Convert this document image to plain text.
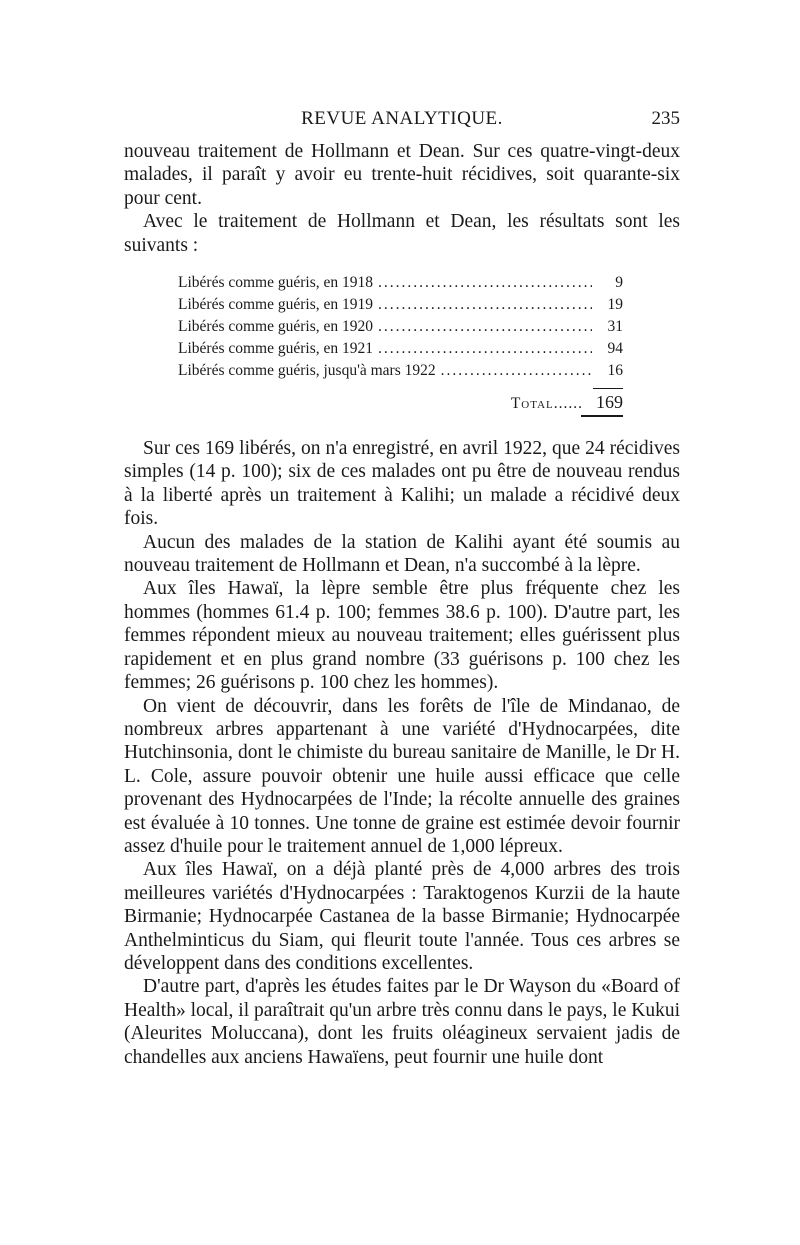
REVUE ANALYTIQUE.	235

nouveau traitement de Hollmann et Dean. Sur ces quatre-vingt-deux malades, il paraît y avoir eu trente-huit récidives, soit quarante-six pour cent.

Avec le traitement de Hollmann et Dean, les résultats sont les suivants :

Libérés comme guéris, en 1918 .....	9
Libérés comme guéris, en 1919 .....	19
Libérés comme guéris, en 1920 .....	31
Libérés comme guéris, en 1921 .....	94
Libérés comme guéris, jusqu'à mars 1922 .....	16
Total...... 169

Sur ces 169 libérés, on n'a enregistré, en avril 1922, que 24 récidives simples (14 p. 100); six de ces malades ont pu être de nouveau rendus à la liberté après un traitement à Kalihi; un malade a récidivé deux fois.

Aucun des malades de la station de Kalihi ayant été soumis au nouveau traitement de Hollmann et Dean, n'a succombé à la lèpre.

Aux îles Hawaï, la lèpre semble être plus fréquente chez les hommes (hommes 61.4 p. 100; femmes 38.6 p. 100). D'autre part, les femmes répondent mieux au nouveau traitement; elles guérissent plus rapidement et en plus grand nombre (33 guérisons p. 100 chez les femmes; 26 guérisons p. 100 chez les hommes).

On vient de découvrir, dans les forêts de l'île de Mindanao, de nombreux arbres appartenant à une variété d'Hydnocarpées, dite Hutchinsonia, dont le chimiste du bureau sanitaire de Manille, le Dr H. L. Cole, assure pouvoir obtenir une huile aussi efficace que celle provenant des Hydnocarpées de l'Inde; la récolte annuelle des graines est évaluée à 10 tonnes. Une tonne de graine est estimée devoir fournir assez d'huile pour le traitement annuel de 1,000 lépreux.

Aux îles Hawaï, on a déjà planté près de 4,000 arbres des trois meilleures variétés d'Hydnocarpées : Taraktogenos Kurzii de la haute Birmanie; Hydnocarpée Castanea de la basse Birmanie; Hydnocarpée Anthelminticus du Siam, qui fleurit toute l'année. Tous ces arbres se développent dans des conditions excellentes.

D'autre part, d'après les études faites par le Dr Wayson du «Board of Health» local, il paraîtrait qu'un arbre très connu dans le pays, le Kukui (Aleurites Moluccana), dont les fruits oléagineux servaient jadis de chandelles aux anciens Hawaïens, peut fournir une huile dont
